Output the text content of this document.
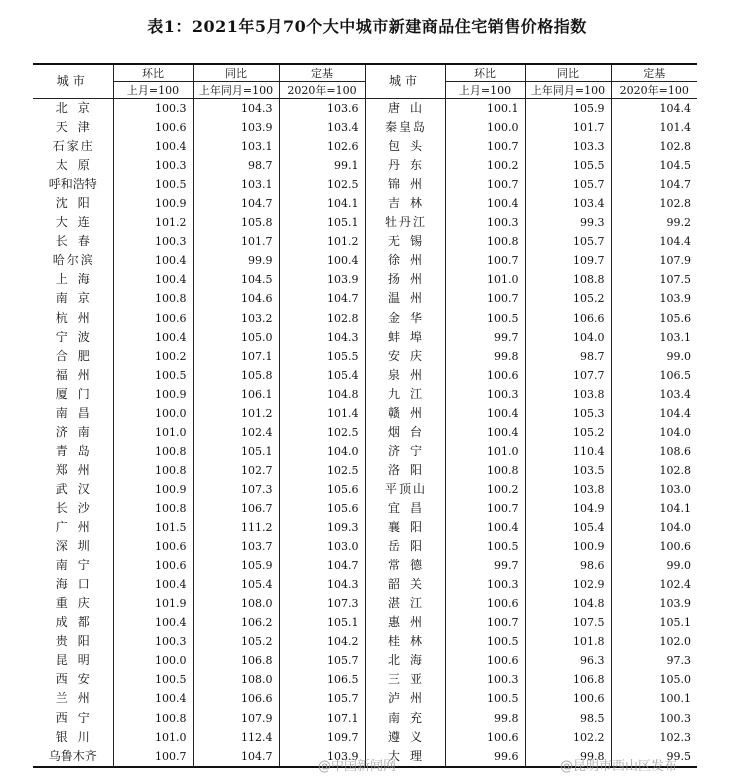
表1：2021年5月70个大中城市新建商品住宅销售价格指数
城市	环比	同比	定基	城市	环比	同比	定基
	上月=100	上年同月=100	2020年=100		上月=100	上年同月=100	2020年=100
北京	100.3	104.3	103.6	唐山	100.1	105.9	104.4
天津	100.6	103.9	103.4	秦皇岛	100.0	101.7	101.4
石家庄	100.4	103.1	102.6	包头	100.7	103.3	102.8
太原	100.3	98.7	99.1	丹东	100.2	105.5	104.5
呼和浩特	100.5	103.1	102.5	锦州	100.7	105.7	104.7
沈阳	100.9	104.7	104.1	吉林	100.4	103.4	102.8
大连	101.2	105.8	105.1	牡丹江	100.3	99.3	99.2
长春	100.3	101.7	101.2	无锡	100.8	105.7	104.4
哈尔滨	100.4	99.9	100.4	徐州	100.7	109.7	107.9
上海	100.4	104.5	103.9	扬州	101.0	108.8	107.5
南京	100.8	104.6	104.7	温州	100.7	105.2	103.9
杭州	100.6	103.2	102.8	金华	100.5	106.6	105.6
宁波	100.4	105.0	104.3	蚌埠	99.7	104.0	103.1
合肥	100.2	107.1	105.5	安庆	99.8	98.7	99.0
福州	100.5	105.8	105.4	泉州	100.6	107.7	106.5
厦门	100.9	106.1	104.8	九江	100.3	103.8	103.4
南昌	100.0	101.2	101.4	赣州	100.4	105.3	104.4
济南	101.0	102.4	102.5	烟台	100.4	105.2	104.0
青岛	100.8	105.1	104.0	济宁	101.0	110.4	108.6
郑州	100.8	102.7	102.5	洛阳	100.8	103.5	102.8
武汉	100.9	107.3	105.6	平顶山	100.2	103.8	103.0
长沙	100.8	106.7	105.6	宜昌	100.7	104.9	104.1
广州	101.5	111.2	109.3	襄阳	100.4	105.4	104.0
深圳	100.6	103.7	103.0	岳阳	100.5	100.9	100.6
南宁	100.6	105.9	104.7	常德	99.7	98.6	99.0
海口	100.4	105.4	104.3	韶关	100.3	102.9	102.4
重庆	101.9	108.0	107.3	湛江	100.6	104.8	103.9
成都	100.4	106.2	105.1	惠州	100.7	107.5	105.1
贵阳	100.3	105.2	104.2	桂林	100.5	101.8	102.0
昆明	100.0	106.8	105.7	北海	100.6	96.3	97.3
西安	100.5	108.0	106.5	三亚	100.3	106.8	105.0
兰州	100.4	106.6	105.7	泸州	100.5	100.6	100.1
西宁	100.8	107.9	107.1	南充	99.8	98.5	100.3
银川	101.0	112.4	109.7	遵义	100.6	102.2	102.3
乌鲁木齐	100.7	104.7	103.9	大理	99.6	99.8	99.5
@中国新闻网	@昆明市西山区发布
